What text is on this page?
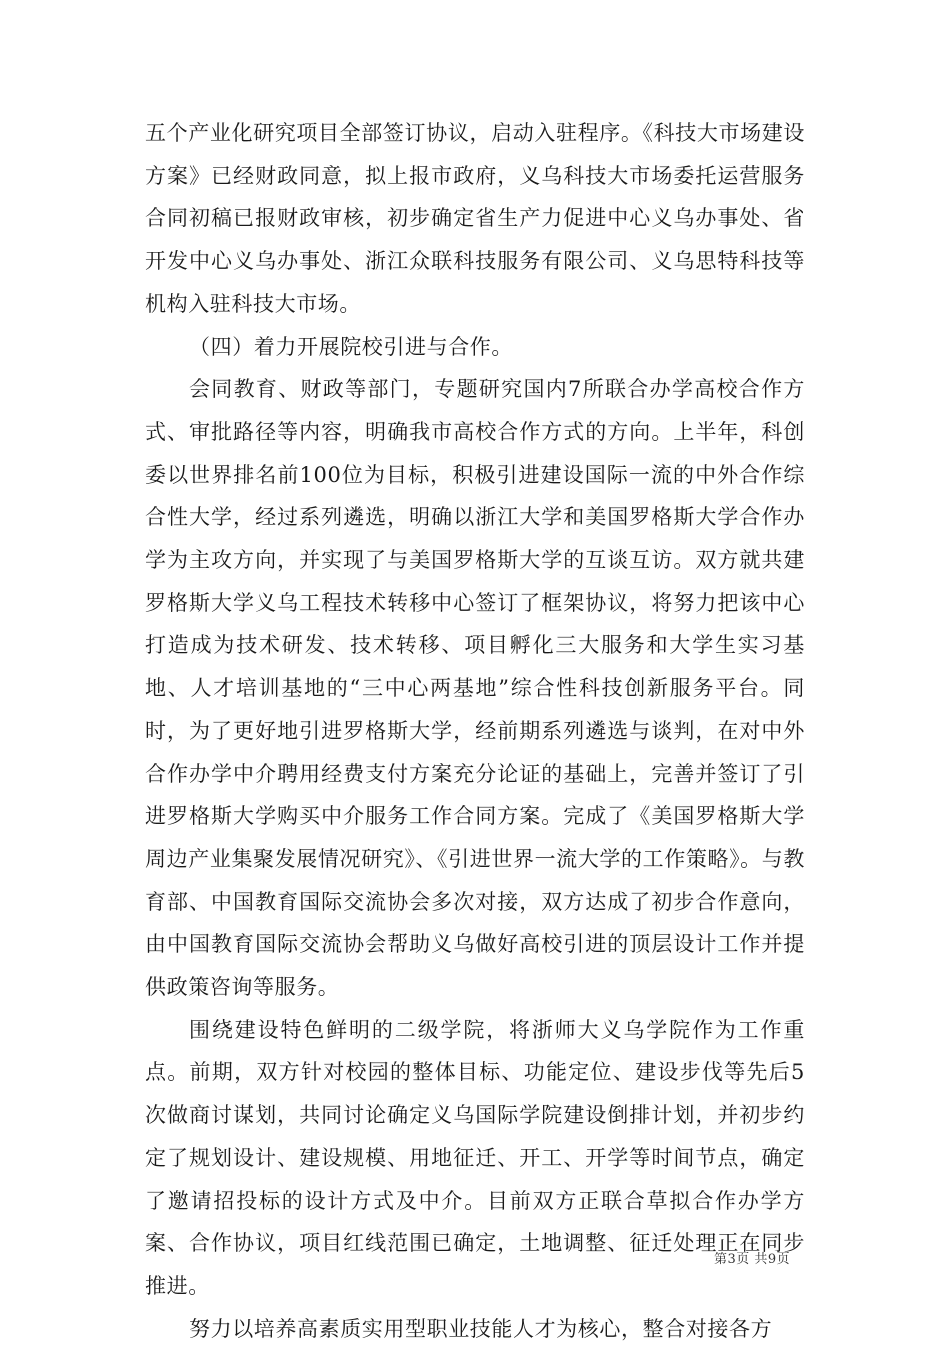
五个产业化研究项目全部签订协议，启动入驻程序。《科技大市场建设方案》已经财政同意，拟上报市政府，义乌科技大市场委托运营服务合同初稿已报财政审核，初步确定省生产力促进中心义乌办事处、省开发中心义乌办事处、浙江众联科技服务有限公司、义乌思特科技等机构入驻科技大市场。

（四）着力开展院校引进与合作。

会同教育、财政等部门，专题研究国内7所联合办学高校合作方式、审批路径等内容，明确我市高校合作方式的方向。上半年，科创委以世界排名前100位为目标，积极引进建设国际一流的中外合作综合性大学，经过系列遴选，明确以浙江大学和美国罗格斯大学合作办学为主攻方向，并实现了与美国罗格斯大学的互谈互访。双方就共建罗格斯大学义乌工程技术转移中心签订了框架协议，将努力把该中心打造成为技术研发、技术转移、项目孵化三大服务和大学生实习基地、人才培训基地的“三中心两基地”综合性科技创新服务平台。同时，为了更好地引进罗格斯大学，经前期系列遴选与谈判，在对中外合作办学中介聘用经费支付方案充分论证的基础上，完善并签订了引进罗格斯大学购买中介服务工作合同方案。完成了《美国罗格斯大学周边产业集聚发展情况研究》、《引进世界一流大学的工作策略》。与教育部、中国教育国际交流协会多次对接，双方达成了初步合作意向，由中国教育国际交流协会帮助义乌做好高校引进的顶层设计工作并提供政策咨询等服务。

围绕建设特色鲜明的二级学院，将浙师大义乌学院作为工作重点。前期，双方针对校园的整体目标、功能定位、建设步伐等先后5次做商讨谋划，共同讨论确定义乌国际学院建设倒排计划，并初步约定了规划设计、建设规模、用地征迁、开工、开学等时间节点，确定了邀请招投标的设计方式及中介。目前双方正联合草拟合作办学方案、合作协议，项目红线范围已确定，土地调整、征迁处理正在同步推进。

努力以培养高素质实用型职业技能人才为核心，整合对接各方

第3页 共9页
